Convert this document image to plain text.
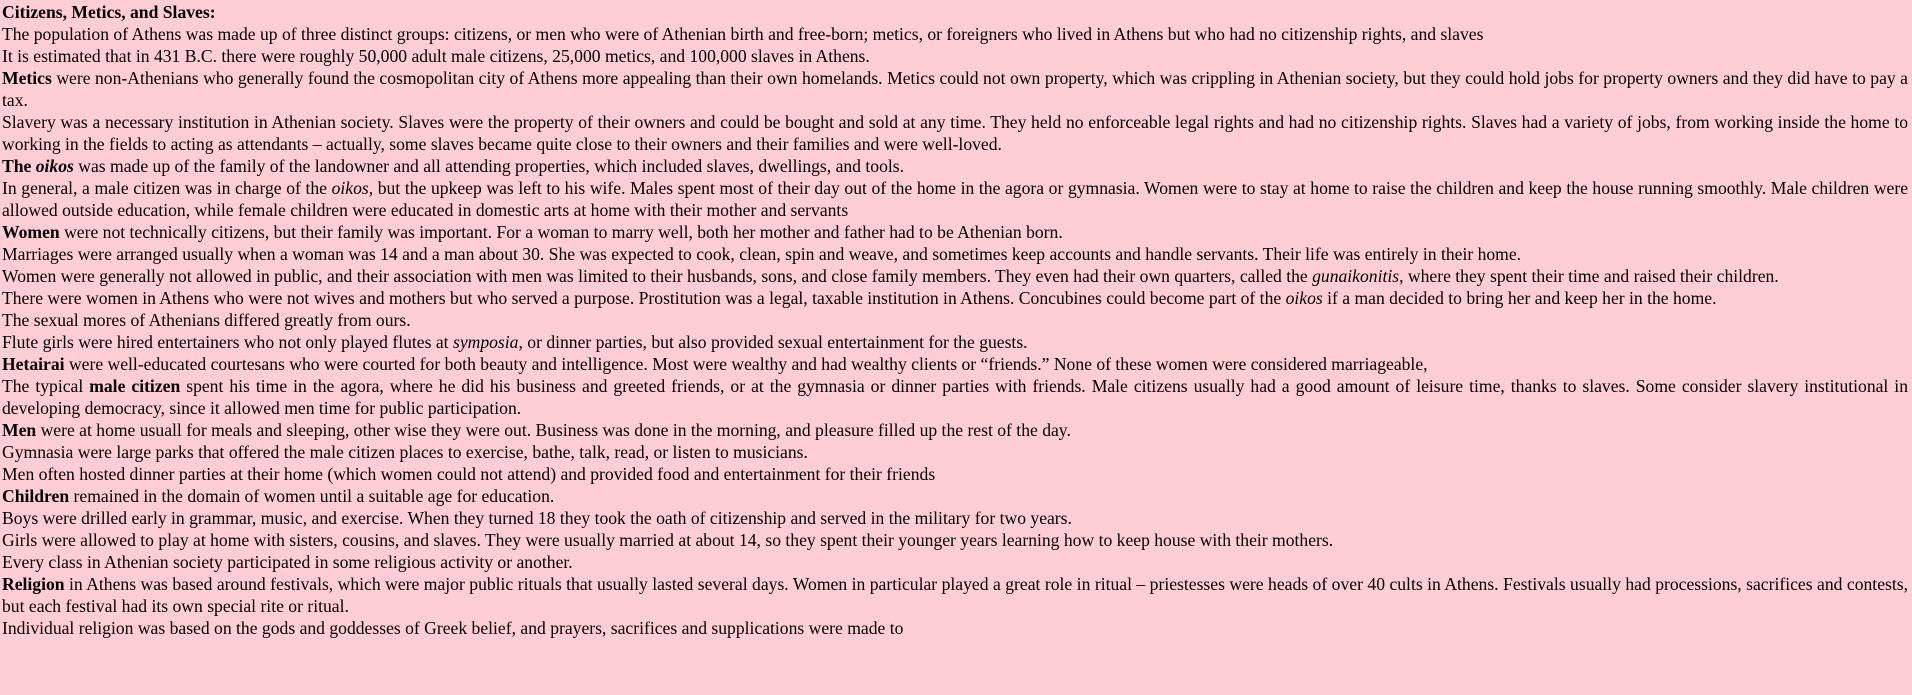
Citizens, Metics, and Slaves:

The population of Athens was made up of three distinct groups: citizens, or men who were of Athenian birth and free-born; metics, or foreigners who lived in Athens but who had no citizenship rights, and slaves

It is estimated that in 431 B.C. there were roughly 50,000 adult male citizens, 25,000 metics, and 100,000 slaves in Athens.

Metics were non-Athenians who generally found the cosmopolitan city of Athens more appealing than their own homelands. Metics could not own property, which was crippling in Athenian society, but they could hold jobs for property owners and they did have to pay a tax.

Slavery was a necessary institution in Athenian society. Slaves were the property of their owners and could be bought and sold at any time. They held no enforceable legal rights and had no citizenship rights. Slaves had a variety of jobs, from working inside the home to working in the fields to acting as attendants – actually, some slaves became quite close to their owners and their families and were well-loved.

The oikos was made up of the family of the landowner and all attending properties, which included slaves, dwellings, and tools.

In general, a male citizen was in charge of the oikos, but the upkeep was left to his wife. Males spent most of their day out of the home in the agora or gymnasia. Women were to stay at home to raise the children and keep the house running smoothly. Male children were allowed outside education, while female children were educated in domestic arts at home with their mother and servants

Women were not technically citizens, but their family was important. For a woman to marry well, both her mother and father had to be Athenian born.

Marriages were arranged usually when a woman was 14 and a man about 30. She was expected to cook, clean, spin and weave, and sometimes keep accounts and handle servants. Their life was entirely in their home.

Women were generally not allowed in public, and their association with men was limited to their husbands, sons, and close family members. They even had their own quarters, called the gunaikonitis, where they spent their time and raised their children.

There were women in Athens who were not wives and mothers but who served a purpose. Prostitution was a legal, taxable institution in Athens. Concubines could become part of the oikos if a man decided to bring her and keep her in the home.

The sexual mores of Athenians differed greatly from ours.

Flute girls were hired entertainers who not only played flutes at symposia, or dinner parties, but also provided sexual entertainment for the guests.

Hetairai were well-educated courtesans who were courted for both beauty and intelligence. Most were wealthy and had wealthy clients or “friends.” None of these women were considered marriageable,

The typical male citizen spent his time in the agora, where he did his business and greeted friends, or at the gymnasia or dinner parties with friends. Male citizens usually had a good amount of leisure time, thanks to slaves. Some consider slavery institutional in developing democracy, since it allowed men time for public participation.

Men were at home usuall for meals and sleeping, other wise they were out. Business was done in the morning, and pleasure filled up the rest of the day.

Gymnasia were large parks that offered the male citizen places to exercise, bathe, talk, read, or listen to musicians.

Men often hosted dinner parties at their home (which women could not attend) and provided food and entertainment for their friends

Children remained in the domain of women until a suitable age for education.

Boys were drilled early in grammar, music, and exercise. When they turned 18 they took the oath of citizenship and served in the military for two years.

Girls were allowed to play at home with sisters, cousins, and slaves. They were usually married at about 14, so they spent their younger years learning how to keep house with their mothers.

Every class in Athenian society participated in some religious activity or another.

Religion in Athens was based around festivals, which were major public rituals that usually lasted several days. Women in particular played a great role in ritual – priestesses were heads of over 40 cults in Athens. Festivals usually had processions, sacrifices and contests, but each festival had its own special rite or ritual.

Individual religion was based on the gods and goddesses of Greek belief, and prayers, sacrifices and supplications were made to
